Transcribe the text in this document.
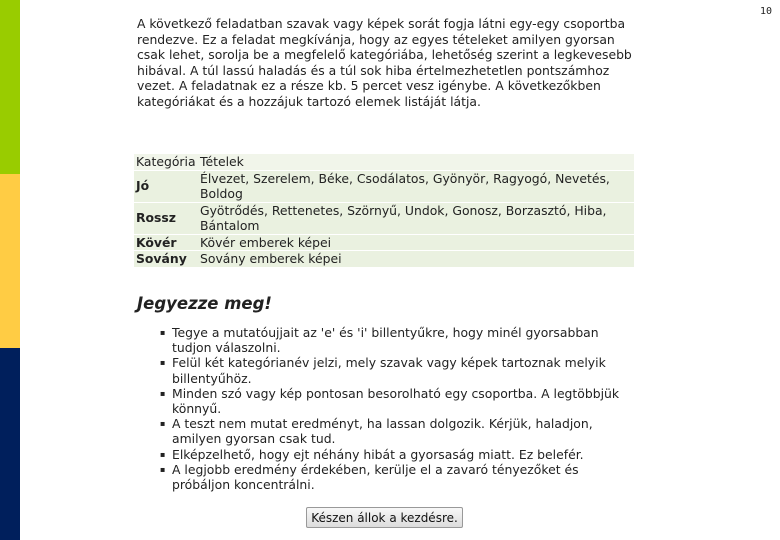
10

A következő feladatban szavak vagy képek sorát fogja látni egy-egy csoportba rendezve. Ez a feladat megkívánja, hogy az egyes tételeket amilyen gyorsan csak lehet, sorolja be a megfelelő kategóriába, lehetőség szerint a legkevesebb hibával. A túl lassú haladás és a túl sok hiba értelmezhetetlen pontszámhoz vezet. A feladatnak ez a része kb. 5 percet vesz igénybe. A következőkben kategóriákat és a hozzájuk tartozó elemek listáját látja.

Kategória	Tételek
Jó	Élvezet, Szerelem, Béke, Csodálatos, Gyönyör, Ragyogó, Nevetés, Boldog
Rossz	Gyötrődés, Rettenetes, Szörnyű, Undok, Gonosz, Borzasztó, Hiba, Bántalom
Kövér	Kövér emberek képei
Sovány	Sovány emberek képei
Jegyezze meg!
▪ Tegye a mutatóujjait az 'e' és 'i' billentyűkre, hogy minél gyorsabban tudjon válaszolni.
▪ Felül két kategórianév jelzi, mely szavak vagy képek tartoznak melyik billentyűhöz.
▪ Minden szó vagy kép pontosan besorolható egy csoportba. A legtöbbjük könnyű.
▪ A teszt nem mutat eredményt, ha lassan dolgozik. Kérjük, haladjon, amilyen gyorsan csak tud.
▪ Elképzelhető, hogy ejt néhány hibát a gyorsaság miatt. Ez belefér.
▪ A legjobb eredmény érdekében, kerülje el a zavaró tényezőket és próbáljon koncentrálni.
Készen állok a kezdésre.
